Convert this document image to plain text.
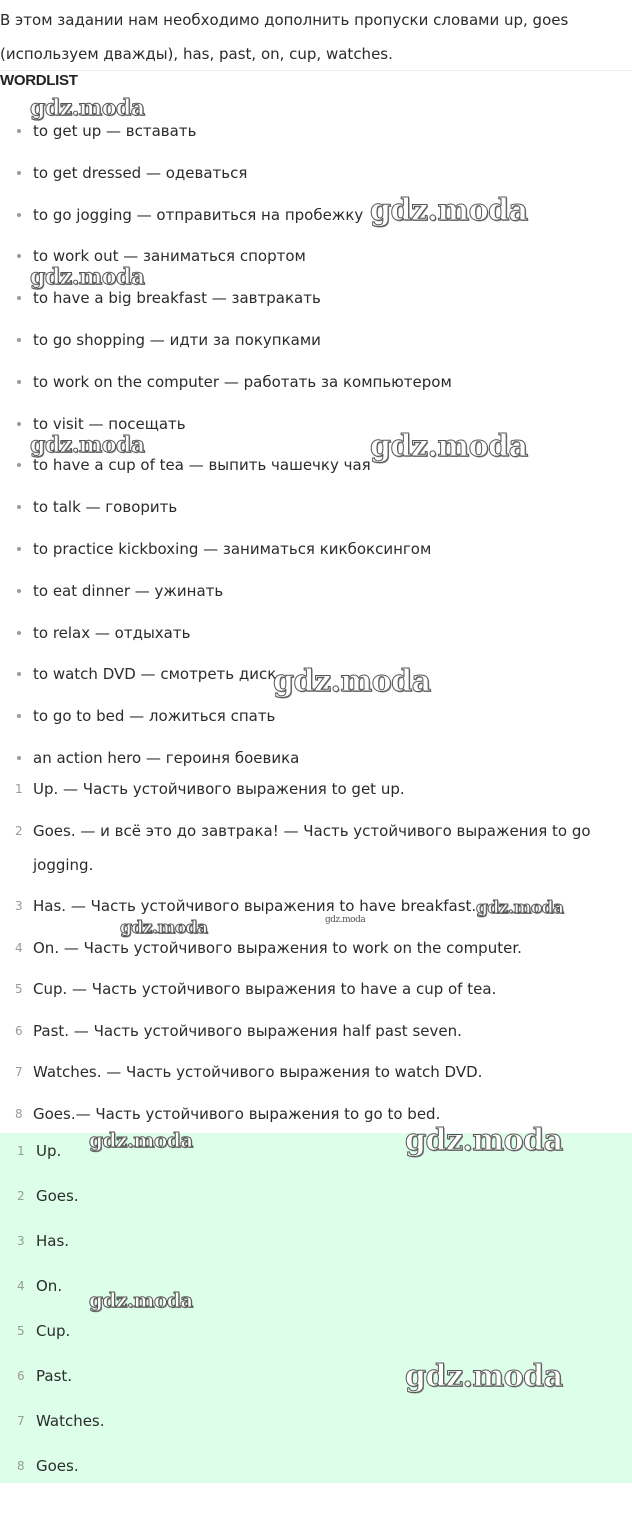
В этом задании нам необходимо дополнить пропуски словами up, goes (используем дважды), has, past, on, cup, watches.
WORDLIST
to get up — вставать
to get dressed — одеваться
to go jogging — отправиться на пробежку
to work out — заниматься спортом
to have a big breakfast — завтракать
to go shopping — идти за покупками
to work on the computer — работать за компьютером
to visit — посещать
to have a cup of tea — выпить чашечку чая
to talk — говорить
to practice kickboxing — заниматься кикбоксингом
to eat dinner — ужинать
to relax — отдыхать
to watch DVD — смотреть диск
to go to bed — ложиться спать
an action hero — героиня боевика
1 Up. — Часть устойчивого выражения to get up.
2 Goes. — и всё это до завтрака! — Часть устойчивого выражения to go jogging.
3 Has. — Часть устойчивого выражения to have breakfast.
4 On. — Часть устойчивого выражения to work on the computer.
5 Cup. — Часть устойчивого выражения to have a cup of tea.
6 Past. — Часть устойчивого выражения half past seven.
7 Watches. — Часть устойчивого выражения to watch DVD.
8 Goes.— Часть устойчивого выражения to go to bed.
1 Up.
2 Goes.
3 Has.
4 On.
5 Cup.
6 Past.
7 Watches.
8 Goes.
gdz.moda
gdz.moda
gdz.moda
gdz.moda	gdz.moda
gdz.moda
gdz.moda
gdz.moda	gdz.moda
gdz.moda	gdz.moda
gdz.moda
gdz.moda
